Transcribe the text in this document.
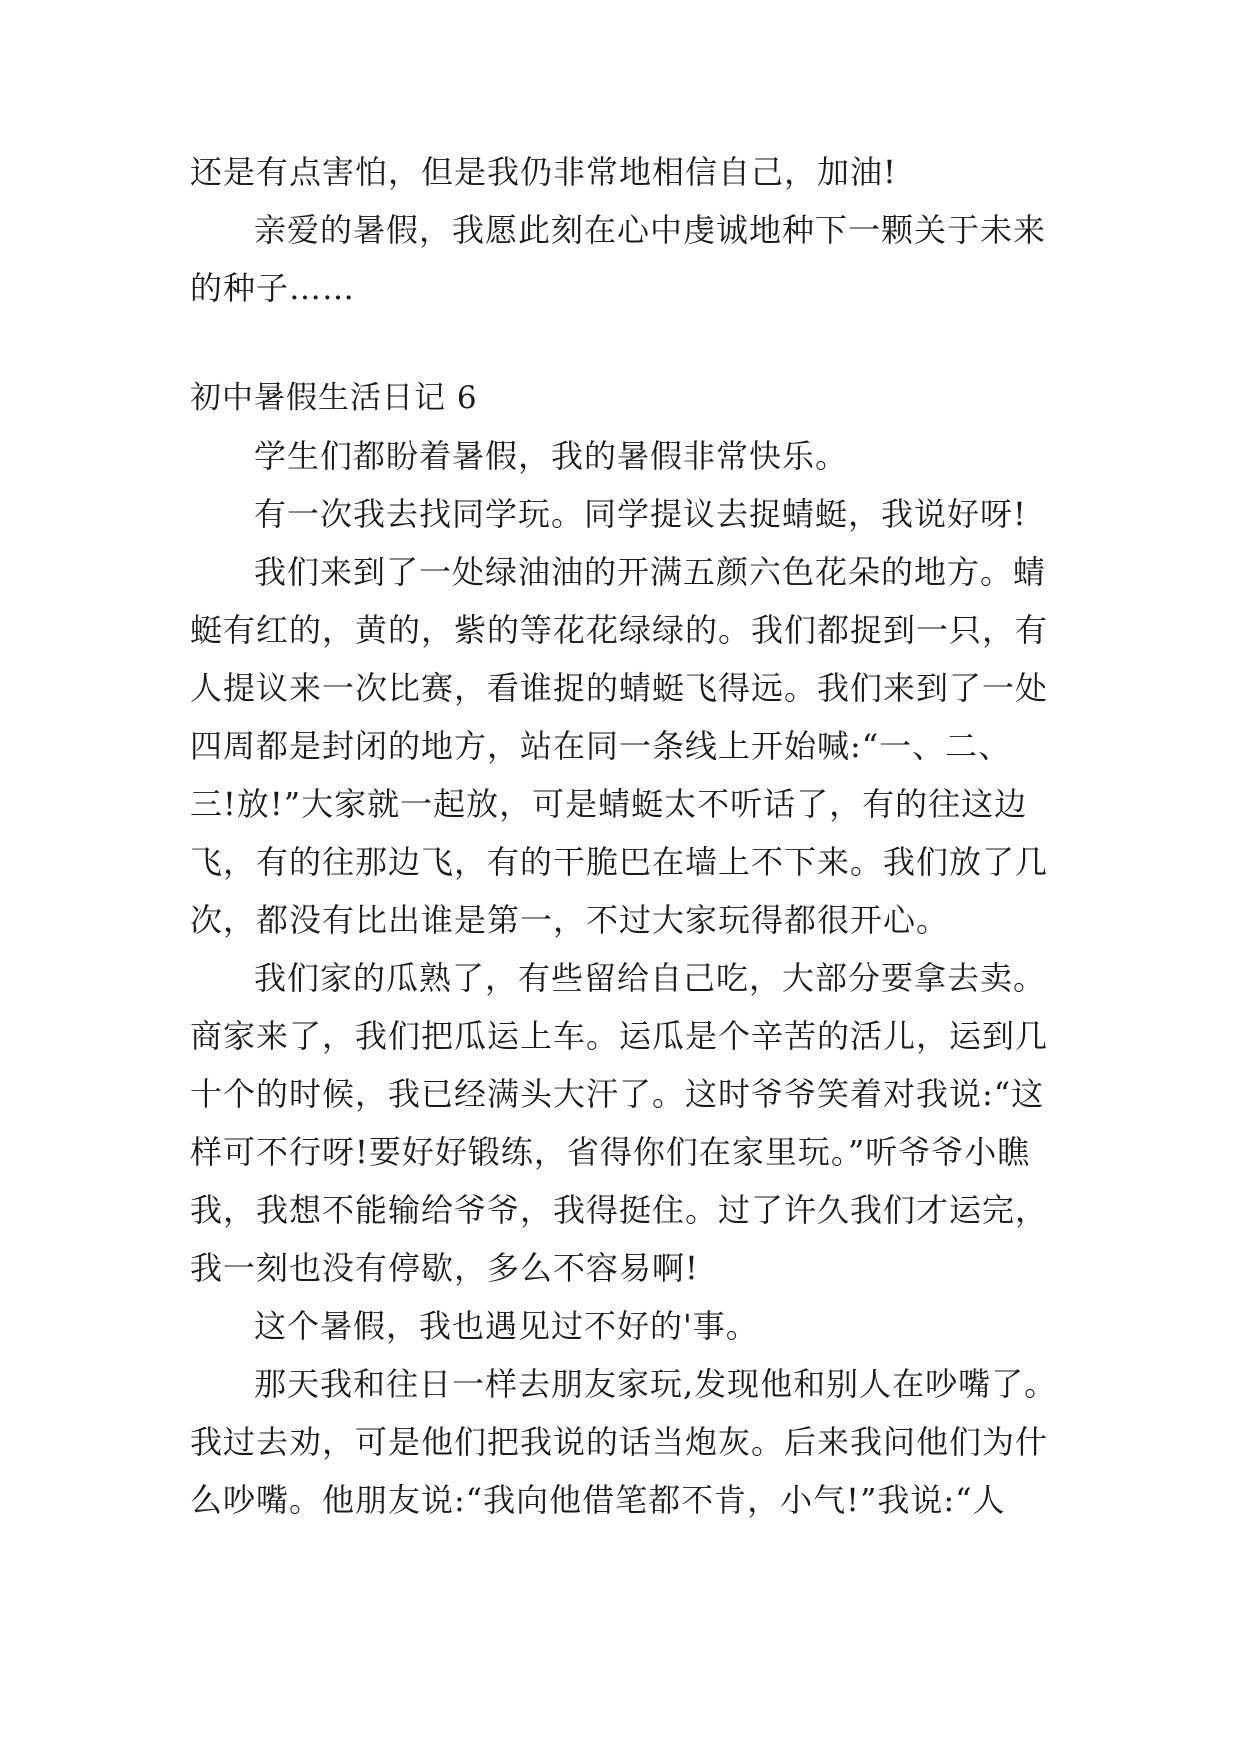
还是有点害怕，但是我仍非常地相信自己，加油!
亲爱的暑假，我愿此刻在心中虔诚地种下一颗关于未来
的种子……
初中暑假生活日记 6
学生们都盼着暑假，我的暑假非常快乐。
有一次我去找同学玩。同学提议去捉蜻蜓，我说好呀!
我们来到了一处绿油油的开满五颜六色花朵的地方。蜻
蜓有红的，黄的，紫的等花花绿绿的。我们都捉到一只，有
人提议来一次比赛，看谁捉的蜻蜓飞得远。我们来到了一处
四周都是封闭的地方，站在同一条线上开始喊:“一、二、
三!放!”大家就一起放，可是蜻蜓太不听话了，有的往这边
飞，有的往那边飞，有的干脆巴在墙上不下来。我们放了几
次，都没有比出谁是第一，不过大家玩得都很开心。
我们家的瓜熟了，有些留给自己吃，大部分要拿去卖。
商家来了，我们把瓜运上车。运瓜是个辛苦的活儿，运到几
十个的时候，我已经满头大汗了。这时爷爷笑着对我说:“这
样可不行呀!要好好锻练，省得你们在家里玩。”听爷爷小瞧
我，我想不能输给爷爷，我得挺住。过了许久我们才运完，
我一刻也没有停歇，多么不容易啊!
这个暑假，我也遇见过不好的'事。
那天我和往日一样去朋友家玩,发现他和别人在吵嘴了。
我过去劝，可是他们把我说的话当炮灰。后来我问他们为什
么吵嘴。他朋友说:“我向他借笔都不肯，小气!”我说:“人
